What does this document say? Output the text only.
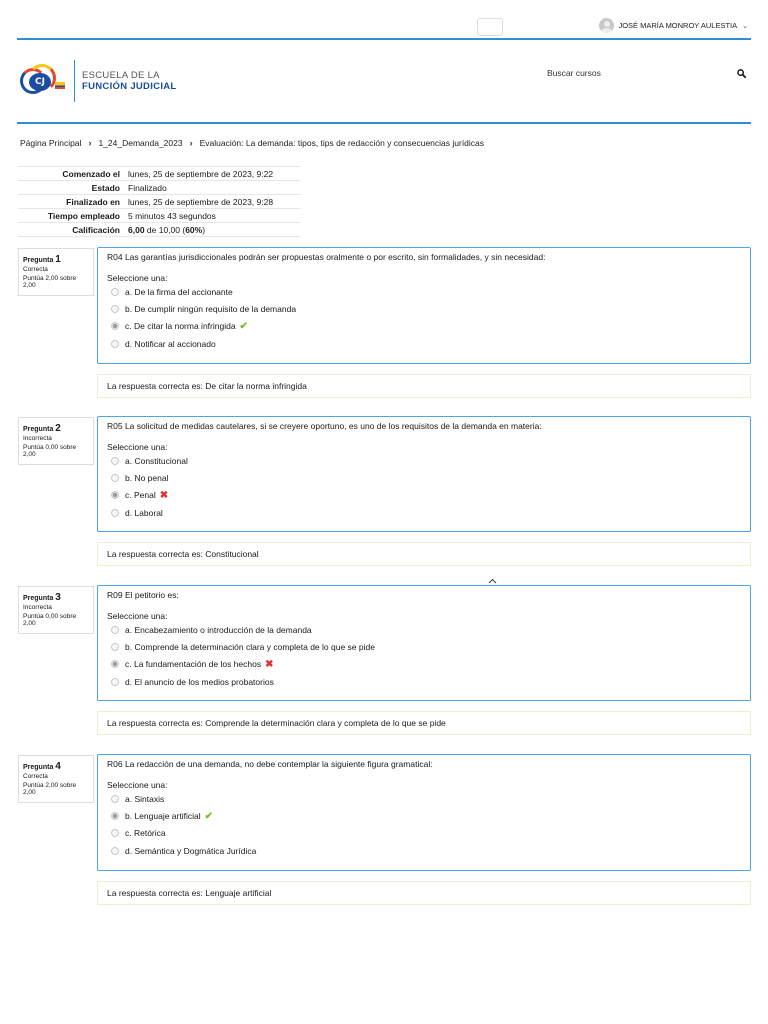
JOSÉ MARÍA MONROY AULESTIA ⌄
CJ
ESCUELA DE LA
FUNCIÓN JUDICIAL
Buscar cursos
Página Principal › 1_24_Demanda_2023 › Evaluación: La demanda: tipos, tips de redacción y consecuencias jurídicas
Comenzado el	lunes, 25 de septiembre de 2023, 9:22
Estado	Finalizado
Finalizado en	lunes, 25 de septiembre de 2023, 9:28
Tiempo empleado	5 minutos 43 segundos
Calificación	6,00 de 10,00 (60%)
Pregunta 1
Correcta
Puntúa 2,00 sobre 2,00
R04 Las garantías jurisdiccionales podrán ser propuestas oralmente o por escrito, sin formalidades, y sin necesidad:
Seleccione una:
a. De la firma del accionante
b. De cumplir ningún requisito de la demanda
c. De citar la norma infringida ✔
d. Notificar al accionado
La respuesta correcta es: De citar la norma infringida
Pregunta 2
Incorrecta
Puntúa 0,00 sobre 2,00
R05 La solicitud de medidas cautelares, si se creyere oportuno, es uno de los requisitos de la demanda en materia:
Seleccione una:
a. Constitucional
b. No penal
c. Penal ✖
d. Laboral
La respuesta correcta es: Constitucional
Pregunta 3
Incorrecta
Puntúa 0,00 sobre 2,00
R09 El petitorio es:
Seleccione una:
a. Encabezamiento o introducción de la demanda
b. Comprende la determinación clara y completa de lo que se pide
c. La fundamentación de los hechos ✖
d. El anuncio de los medios probatorios
La respuesta correcta es: Comprende la determinación clara y completa de lo que se pide
Pregunta 4
Correcta
Puntúa 2,00 sobre 2,00
R06 La redacción de una demanda, no debe contemplar la siguiente figura gramatical:
Seleccione una:
a. Sintaxis
b. Lenguaje artificial ✔
c. Retórica
d. Semántica y Dogmática Jurídica
La respuesta correcta es: Lenguaje artificial
